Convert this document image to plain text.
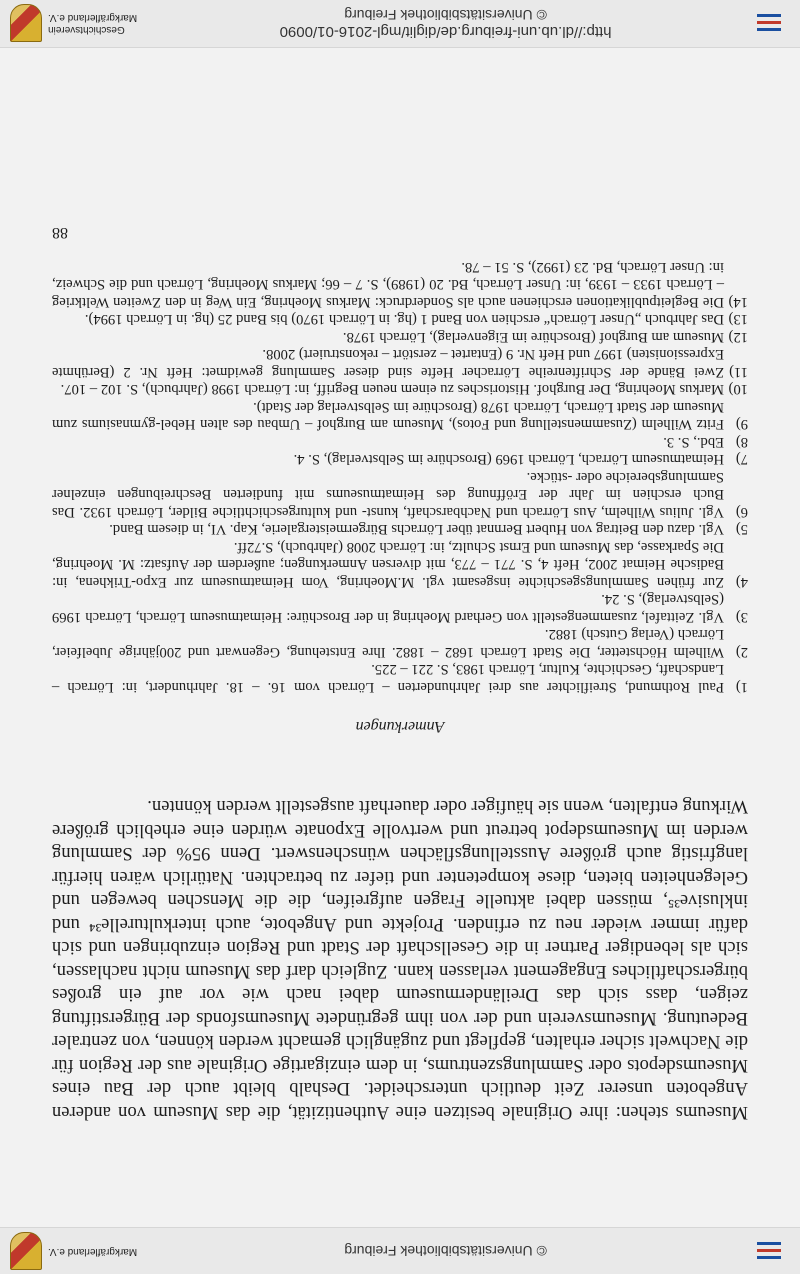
© Universitätsbibliothek Freiburg
Markgräflerland e.V.

Museums stehen: ihre Originale besitzen eine Authentizität, die das Museum von anderen Angeboten unserer Zeit deutlich unterscheidet. Deshalb bleibt auch der Bau eines Museumsdepots oder Sammlungszentrums, in dem einzigartige Originale aus der Region für die Nachwelt sicher erhalten, gepflegt und zugänglich gemacht werden können, von zentraler Bedeutung. Museumsverein und der von ihm gegründete Museumsfonds der Bürgerstiftung zeigen, dass sich das Dreiländermuseum dabei nach wie vor auf ein großes bürgerschaftliches Engagement verlassen kann. Zugleich darf das Museum nicht nachlassen, sich als lebendiger Partner in die Gesellschaft der Stadt und Region einzubringen und sich dafür immer wieder neu zu erfinden. Projekte und Angebote, auch interkulturelle³⁴ und inklusive³⁵, müssen dabei aktuelle Fragen aufgreifen, die die Menschen bewegen und Gelegenheiten bieten, diese kompetenter und tiefer zu betrachten. Natürlich wären hierfür langfristig auch größere Ausstellungsflächen wünschenswert. Denn 95% der Sammlung werden im Museumsdepot betreut und wertvolle Exponate würden eine erheblich größere Wirkung entfalten, wenn sie häufiger oder dauerhaft ausgestellt werden könnten.

Anmerkungen

1)
Paul Rothmund, Streiflichter aus drei Jahrhunderten – Lörrach vom 16. – 18. Jahrhundert, in: Lörrach – Landschaft, Geschichte, Kultur, Lörrach 1983, S. 221 – 225.
2)
Wilhelm Höchstetter, Die Stadt Lörrach 1682 – 1882. Ihre Entstehung, Gegenwart und 200jährige Jubelfeier, Lörrach (Verlag Gutsch) 1882.
3)
Vgl. Zeittafel, zusammengestellt von Gerhard Moehring in der Broschüre: Heimatmuseum Lörrach, Lörrach 1969 (Selbstverlag), S. 24.
4)
Zur frühen Sammlungsgeschichte insgesamt vgl. M.Moehring, Vom Heimatmuseum zur Expo-Trikhena, in: Badische Heimat 2002, Heft 4, S. 771 – 773, mit diversen Anmerkungen; außerdem der Aufsatz: M. Moehring, Die Sparkasse, das Museum und Ernst Schultz, in: Lörrach 2008 (Jahrbuch), S.72ff.
5)
Vgl. dazu den Beitrag von Hubert Bernnat über Lörrachs Bürgermeistergalerie, Kap. VI, in diesem Band.
6)
Vgl. Julius Wilhelm, Aus Lörrach und Nachbarschaft, kunst- und kulturgeschichtliche Bilder, Lörrach 1932. Das Buch erschien im Jahr der Eröffnung des Heimatmuseums mit fundierten Beschreibungen einzelner Sammlungsbereiche oder -stücke.
7)
Heimatmuseum Lörrach, Lörrach 1969 (Broschüre im Selbstverlag), S. 4.
8)
Ebd., S. 3.
9)
Fritz Wilhelm (Zusammenstellung und Fotos), Museum am Burghof – Umbau des alten Hebel-gymnasiums zum Museum der Stadt Lörrach, Lörrach 1978 (Broschüre im Selbstverlag der Stadt).
10)
Markus Moehring, Der Burghof. Historisches zu einem neuen Begriff, in: Lörrach 1998 (Jahrbuch), S. 102 – 107.
11)
Zwei Bände der Schriftenreihe Lörracher Hefte sind dieser Sammlung gewidmet: Heft Nr. 2 (Berühmte Expressionisten) 1997 und Heft Nr. 9 (Entartet – zerstört – rekonstruiert) 2008.
12)
Museum am Burghof (Broschüre im Eigenverlag), Lörrach 1978.
13)
Das Jahrbuch „Unser Lörrach“ erschien von Band 1 (hg. in Lörrach 1970) bis Band 25 (hg. in Lörrach 1994).
14)
Die Begleitpublikationen erschienen auch als Sonderdruck: Markus Moehring, Ein Weg in den Zweiten Weltkrieg – Lörrach 1933 – 1939, in: Unser Lörrach, Bd. 20 (1989), S. 7 – 66; Markus Moehring, Lörrach und die Schweiz, in: Unser Lörrach, Bd. 23 (1992), S. 51 – 78.
88
http://dl.ub.uni-freiburg.de/diglit/mgl-2016-01/0090
© Universitätsbibliothek Freiburg
Geschichtsverein
Markgräflerland e.V.
